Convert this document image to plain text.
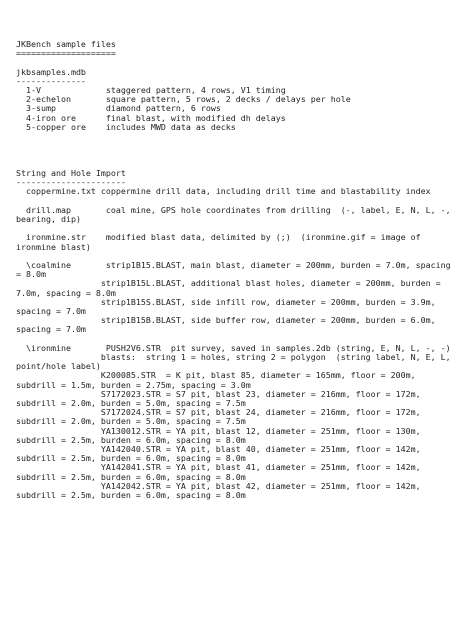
JKBench sample files

====================

jkbsamples.mdb

--------------

1-V             staggered pattern, 4 rows, V1 timing

2-echelon       square pattern, 5 rows, 2 decks / delays per hole

3-sump          diamond pattern, 6 rows

4-iron ore      final blast, with modified dh delays

5-copper ore    includes MWD data as decks

String and Hole Import

----------------------

coppermine.txt coppermine drill data, including drill time and blastability index

drill.map       coal mine, GPS hole coordinates from drilling  (-, label, E, N, L, -, bearing, dip)

ironmine.str    modified blast data, delimited by (;)  (ironmine.gif = image of ironmine blast)

\coalmine       strip1B15.BLAST, main blast, diameter = 200mm, burden = 7.0m, spacing = 8.0m

strip1B15L.BLAST, additional blast holes, diameter = 200mm, burden = 7.0m, spacing = 8.0m

strip1B15S.BLAST, side infill row, diameter = 200mm, burden = 3.9m, spacing = 7.0m

strip1B15B.BLAST, side buffer row, diameter = 200mm, burden = 6.0m, spacing = 7.0m

\ironmine       PUSH2V6.STR  pit survey, saved in samples.2db (string, E, N, L, -, -)

blasts:  string 1 = holes, string 2 = polygon  (string label, N, E, L, point/hole label)

K200085.STR  = K pit, blast 85, diameter = 165mm, floor = 200m, subdrill = 1.5m, burden = 2.75m, spacing = 3.0m

S7172023.STR = S7 pit, blast 23, diameter = 216mm, floor = 172m, subdrill = 2.0m, burden = 5.0m, spacing = 7.5m

S7172024.STR = S7 pit, blast 24, diameter = 216mm, floor = 172m, subdrill = 2.0m, burden = 5.0m, spacing = 7.5m

YA130012.STR = YA pit, blast 12, diameter = 251mm, floor = 130m, subdrill = 2.5m, burden = 6.0m, spacing = 8.0m

YA142040.STR = YA pit, blast 40, diameter = 251mm, floor = 142m, subdrill = 2.5m, burden = 6.0m, spacing = 8.0m

YA142041.STR = YA pit, blast 41, diameter = 251mm, floor = 142m, subdrill = 2.5m, burden = 6.0m, spacing = 8.0m

YA142042.STR = YA pit, blast 42, diameter = 251mm, floor = 142m, subdrill = 2.5m, burden = 6.0m, spacing = 8.0m
